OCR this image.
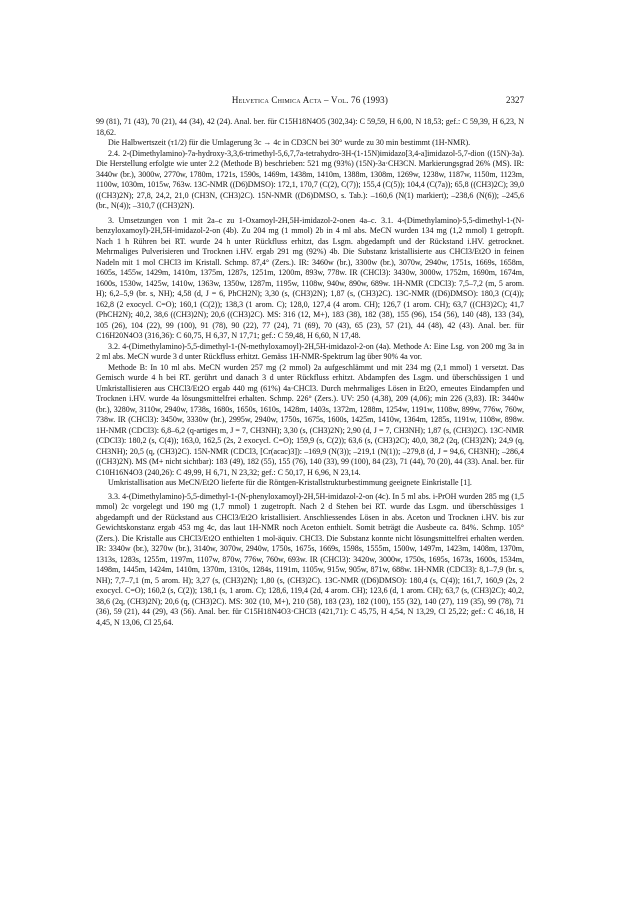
Helvetica Chimica Acta – Vol. 76 (1993)	2327

99 (81), 71 (43), 70 (21), 44 (34), 42 (24). Anal. ber. für C15H18N4O5 (302,34): C 59,59, H 6,00, N 18,53; gef.: C 59,39, H 6,23, N 18,62.

Die Halbwertszeit (τ1/2) für die Umlagerung 3c → 4c in CD3CN bei 30° wurde zu 30 min bestimmt (1H-NMR).

2.4. 2-(Dimethylamino)-7a-hydroxy-3,3,6-trimethyl-5,6,7,7a-tetrahydro-3H-(1-15N)imidazo[3,4-a]imidazol-5,7-dion ((15N)-3a). Die Herstellung erfolgte wie unter 2.2 (Methode B) beschrieben: 521 mg (93%) (15N)-3a·CH3CN. Markierungsgrad 26% (MS). IR: 3440w (br.), 3000w, 2770w, 1780m, 1721s, 1590s, 1469m, 1438m, 1410m, 1388m, 1308m, 1269w, 1238w, 1187w, 1150m, 1123m, 1100w, 1030m, 1015w, 763w. 13C-NMR ((D6)DMSO): 172,1, 170,7 (C(2), C(7)); 155,4 (C(5)); 104,4 (C(7a)); 65,8 ((CH3)2C); 39,0 ((CH3)2N); 27,8, 24,2, 21,0 (CH3N, (CH3)2C). 15N-NMR ((D6)DMSO, s. Tab.): –160,6 (N(1) markiert); –238,6 (N(6)); –245,6 (br., N(4)); –310,7 ((CH3)2N).

3. Umsetzungen von 1 mit 2a–c zu 1-Oxamoyl-2H,5H-imidazol-2-onen 4a–c. 3.1. 4-(Dimethylamino)-5,5-dimethyl-1-(N-benzyloxamoyl)-2H,5H-imidazol-2-on (4b). Zu 204 mg (1 mmol) 2b in 4 ml abs. MeCN wurden 134 mg (1,2 mmol) 1 getropft. Nach 1 h Rühren bei RT. wurde 24 h unter Rückfluss erhitzt, das Lsgm. abgedampft und der Rückstand i.HV. getrocknet. Mehrmaliges Pulverisieren und Trocknen i.HV. ergab 291 mg (92%) 4b. Die Substanz kristallisierte aus CHCl3/Et2O in feinen Nadeln mit 1 mol CHCl3 im Kristall. Schmp. 87,4° (Zers.). IR: 3460w (br.), 3300w (br.), 3070w, 2940w, 1751s, 1669s, 1658m, 1605s, 1455w, 1429m, 1410m, 1375m, 1287s, 1251m, 1200m, 893w, 778w. IR (CHCl3): 3430w, 3000w, 1752m, 1690m, 1674m, 1600s, 1530w, 1425w, 1410w, 1363w, 1350w, 1287m, 1195w, 1108w, 940w, 890w, 689w. 1H-NMR (CDCl3): 7,5–7,2 (m, 5 arom. H); 6,2–5,9 (br. s, NH); 4,58 (d, J = 6, PhCH2N); 3,30 (s, (CH3)2N); 1,87 (s, (CH3)2C). 13C-NMR ((D6)DMSO): 180,3 (C(4)); 162,8 (2 exocycl. C=O); 160,1 (C(2)); 138,3 (1 arom. C); 128,0, 127,4 (4 arom. CH); 126,7 (1 arom. CH); 63,7 ((CH3)2C); 41,7 (PhCH2N); 40,2, 38,6 ((CH3)2N); 20,6 ((CH3)2C). MS: 316 (12, M+), 183 (38), 182 (38), 155 (96), 154 (56), 140 (48), 133 (34), 105 (26), 104 (22), 99 (100), 91 (78), 90 (22), 77 (24), 71 (69), 70 (43), 65 (23), 57 (21), 44 (48), 42 (43). Anal. ber. für C16H20N4O3 (316,36): C 60,75, H 6,37, N 17,71; gef.: C 59,48, H 6,60, N 17,48.

3.2. 4-(Dimethylamino)-5,5-dimethyl-1-(N-methyloxamoyl)-2H,5H-imidazol-2-on (4a). Methode A: Eine Lsg. von 200 mg 3a in 2 ml abs. MeCN wurde 3 d unter Rückfluss erhitzt. Gemäss 1H-NMR-Spektrum lag über 90% 4a vor.

Methode B: In 10 ml abs. MeCN wurden 257 mg (2 mmol) 2a aufgeschlämmt und mit 234 mg (2,1 mmol) 1 versetzt. Das Gemisch wurde 4 h bei RT. gerührt und danach 3 d unter Rückfluss erhitzt. Abdampfen des Lsgm. und überschüssigen 1 und Umkristallisieren aus CHCl3/Et2O ergab 440 mg (61%) 4a·CHCl3. Durch mehrmaliges Lösen in Et2O, erneutes Eindampfen und Trocknen i.HV. wurde 4a lösungsmittelfrei erhalten. Schmp. 226° (Zers.). UV: 250 (4,38), 209 (4,06); min 226 (3,83). IR: 3440w (br.), 3280w, 3110w, 2940w, 1738s, 1680s, 1650s, 1610s, 1428m, 1403s, 1372m, 1288m, 1254w, 1191w, 1108w, 899w, 776w, 760w, 738w. IR (CHCl3): 3450w, 3330w (br.), 2995w, 2940w, 1750s, 1675s, 1600s, 1425m, 1410w, 1364m, 1285s, 1191w, 1108w, 898w. 1H-NMR (CDCl3): 6,8–6,2 (q-artiges m, J = 7, CH3NH); 3,30 (s, (CH3)2N); 2,90 (d, J = 7, CH3NH); 1,87 (s, (CH3)2C). 13C-NMR (CDCl3): 180,2 (s, C(4)); 163,0, 162,5 (2s, 2 exocycl. C=O); 159,9 (s, C(2)); 63,6 (s, (CH3)2C); 40,0, 38,2 (2q, (CH3)2N); 24,9 (q, CH3NH); 20,5 (q, (CH3)2C). 15N-NMR (CDCl3, [Cr(acac)3]): –169,9 (N(3)); –219,1 (N(1)); –279,8 (d, J = 94,6, CH3NH); –286,4 ((CH3)2N). MS (M+ nicht sichtbar): 183 (49), 182 (55), 155 (76), 140 (33), 99 (100), 84 (23), 71 (44), 70 (20), 44 (33). Anal. ber. für C10H16N4O3 (240,26): C 49,99, H 6,71, N 23,32; gef.: C 50,17, H 6,96, N 23,14.

Umkristallisation aus MeCN/Et2O lieferte für die Röntgen-Kristallstrukturbestimmung geeignete Einkristalle [1].

3.3. 4-(Dimethylamino)-5,5-dimethyl-1-(N-phenyloxamoyl)-2H,5H-imidazol-2-on (4c). In 5 ml abs. i-PrOH wurden 285 mg (1,5 mmol) 2c vorgelegt und 190 mg (1,7 mmol) 1 zugetropft. Nach 2 d Stehen bei RT. wurde das Lsgm. und überschüssiges 1 abgedampft und der Rückstand aus CHCl3/Et2O kristallisiert. Anschliessendes Lösen in abs. Aceton und Trocknen i.HV. bis zur Gewichtskonstanz ergab 453 mg 4c, das laut 1H-NMR noch Aceton enthielt. Somit beträgt die Ausbeute ca. 84%. Schmp. 105° (Zers.). Die Kristalle aus CHCl3/Et2O enthielten 1 mol-äquiv. CHCl3. Die Substanz konnte nicht lösungsmittelfrei erhalten werden. IR: 3340w (br.), 3270w (br.), 3140w, 3070w, 2940w, 1750s, 1675s, 1669s, 1598s, 1555m, 1500w, 1497m, 1423m, 1408m, 1370m, 1313s, 1283s, 1255m, 1197m, 1107w, 870w, 776w, 760w, 693w. IR (CHCl3): 3420w, 3000w, 1750s, 1695s, 1673s, 1600s, 1534m, 1498m, 1445m, 1424m, 1410m, 1370m, 1310s, 1284s, 1191m, 1105w, 915w, 905w, 871w, 688w. 1H-NMR (CDCl3): 8,1–7,9 (br. s, NH); 7,7–7,1 (m, 5 arom. H); 3,27 (s, (CH3)2N); 1,80 (s, (CH3)2C). 13C-NMR ((D6)DMSO): 180,4 (s, C(4)); 161,7, 160,9 (2s, 2 exocycl. C=O); 160,2 (s, C(2)); 138,1 (s, 1 arom. C); 128,6, 119,4 (2d, 4 arom. CH); 123,6 (d, 1 arom. CH); 63,7 (s, (CH3)2C); 40,2, 38,6 (2q, (CH3)2N); 20,6 (q, (CH3)2C). MS: 302 (10, M+), 210 (58), 183 (23), 182 (100), 155 (32), 140 (27), 119 (35), 99 (78), 71 (36), 59 (21), 44 (29), 43 (56). Anal. ber. für C15H18N4O3·CHCl3 (421,71): C 45,75, H 4,54, N 13,29, Cl 25,22; gef.: C 46,18, H 4,45, N 13,06, Cl 25,64.
